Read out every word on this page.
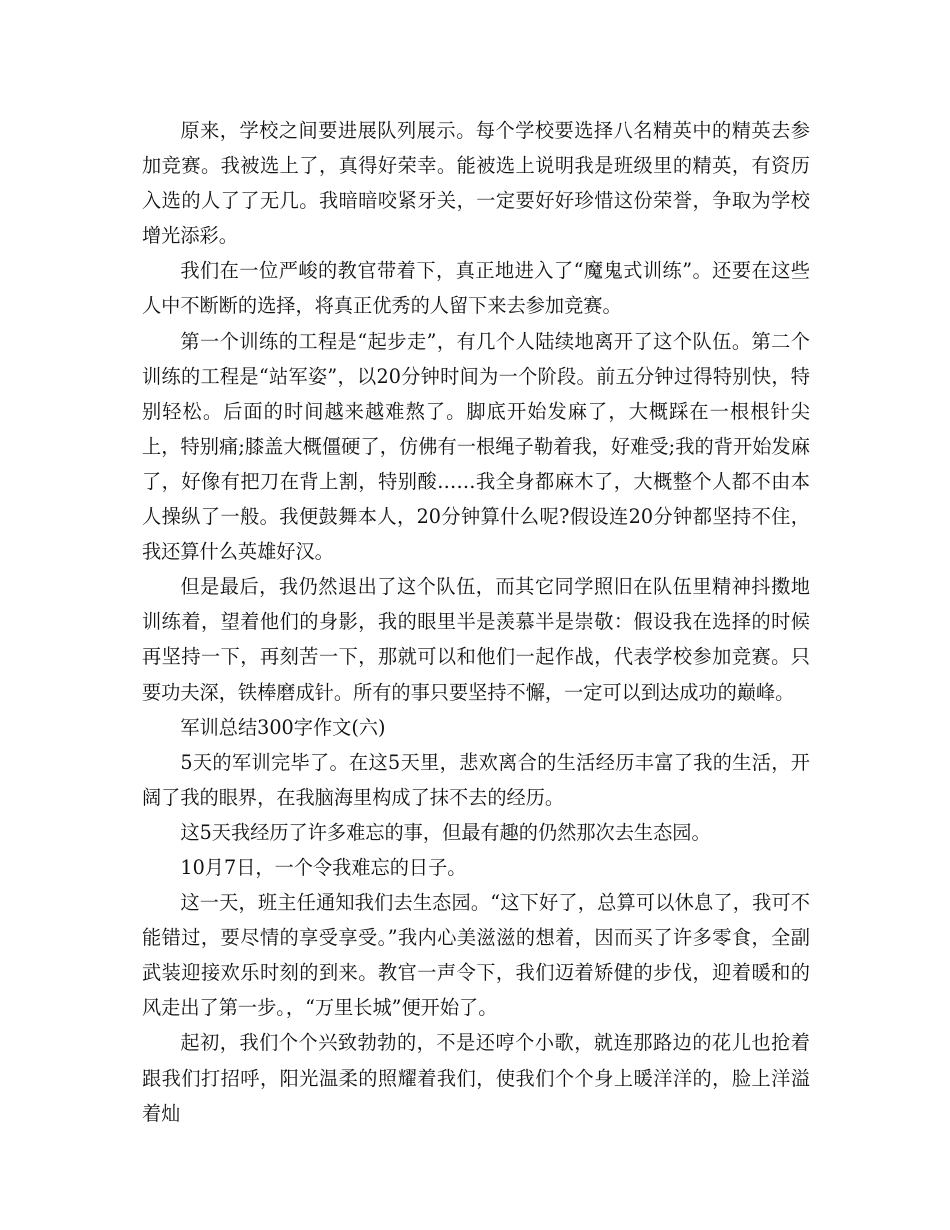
原来，学校之间要进展队列展示。每个学校要选择八名精英中的精英去参加竞赛。我被选上了，真得好荣幸。能被选上说明我是班级里的精英，有资历入选的人了了无几。我暗暗咬紧牙关，一定要好好珍惜这份荣誉，争取为学校增光添彩。

我们在一位严峻的教官带着下，真正地进入了“魔鬼式训练”。还要在这些人中不断断的选择，将真正优秀的人留下来去参加竞赛。

第一个训练的工程是“起步走”，有几个人陆续地离开了这个队伍。第二个训练的工程是“站军姿”，以20分钟时间为一个阶段。前五分钟过得特别快，特别轻松。后面的时间越来越难熬了。脚底开始发麻了，大概踩在一根根针尖上，特别痛;膝盖大概僵硬了，仿佛有一根绳子勒着我，好难受;我的背开始发麻了，好像有把刀在背上割，特别酸……我全身都麻木了，大概整个人都不由本人操纵了一般。我便鼓舞本人，20分钟算什么呢?假设连20分钟都坚持不住，我还算什么英雄好汉。

但是最后，我仍然退出了这个队伍，而其它同学照旧在队伍里精神抖擞地训练着，望着他们的身影，我的眼里半是羡慕半是崇敬：假设我在选择的时候再坚持一下，再刻苦一下，那就可以和他们一起作战，代表学校参加竞赛。只要功夫深，铁棒磨成针。所有的事只要坚持不懈，一定可以到达成功的巅峰。

军训总结300字作文(六)

5天的军训完毕了。在这5天里，悲欢离合的生活经历丰富了我的生活，开阔了我的眼界，在我脑海里构成了抹不去的经历。

这5天我经历了许多难忘的事，但最有趣的仍然那次去生态园。

10月7日，一个令我难忘的日子。

这一天，班主任通知我们去生态园。“这下好了，总算可以休息了，我可不能错过，要尽情的享受享受。”我内心美滋滋的想着，因而买了许多零食，全副武装迎接欢乐时刻的到来。教官一声令下，我们迈着矫健的步伐，迎着暖和的风走出了第一步。，“万里长城”便开始了。

起初，我们个个兴致勃勃的，不是还哼个小歌，就连那路边的花儿也抢着跟我们打招呼，阳光温柔的照耀着我们，使我们个个身上暖洋洋的，脸上洋溢着灿
